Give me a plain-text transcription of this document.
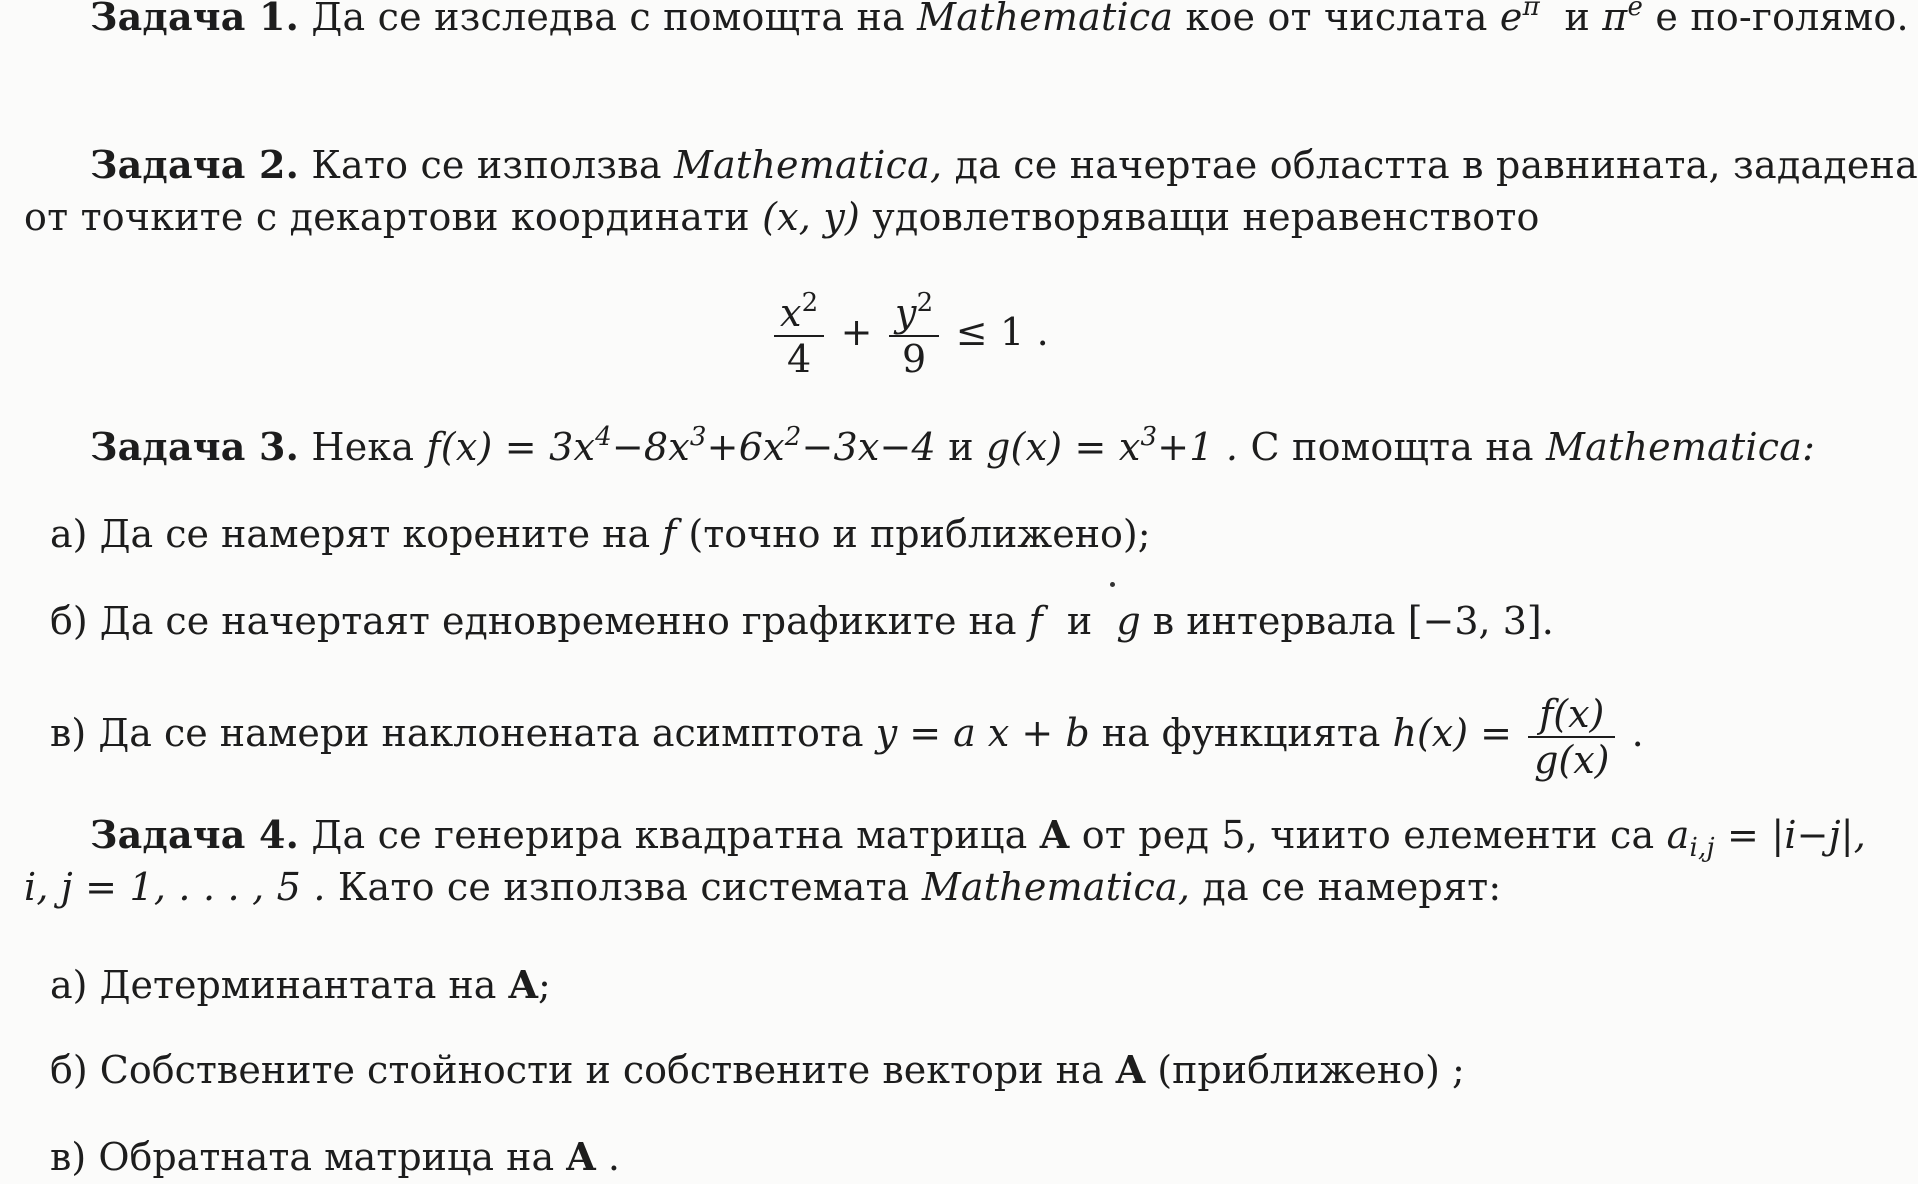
Задача 1. Да се изследва с помощта на Mathematica кое от числата $e^\pi$ и $\pi^e$ е по-голямо.
Задача 2. Като се използва Mathematica, да се начертае областта в равнината, зададена
от точките с декартови координати (x, y) удовлетворяващи неравенството
$\frac{x^2}{4} + \frac{y^2}{9} \le 1$ .
Задача 3. Нека $f(x) = 3x^4-8x^3+6x^2-3x-4$ и $g(x) = x^3+1$ . С помощта на Mathematica:
а) Да се намерят корените на f (точно и приближено);
б) Да се начертаят едновременно графиките на f и g в интервала [−3, 3].
в) Да се намери наклонената асимптота y = a x + b на функцията $h(x) = \frac{f(x)}{g(x)}$ .
Задача 4. Да се генерира квадратна матрица A от ред 5, чиито елементи са $a_{i,j} = |i-j|$,
i, j = 1, . . . , 5 . Като се използва системата Mathematica, да се намерят:
а) Детерминантата на A;
б) Собствените стойности и собствените вектори на A (приближено) ;
в) Обратната матрица на A .
